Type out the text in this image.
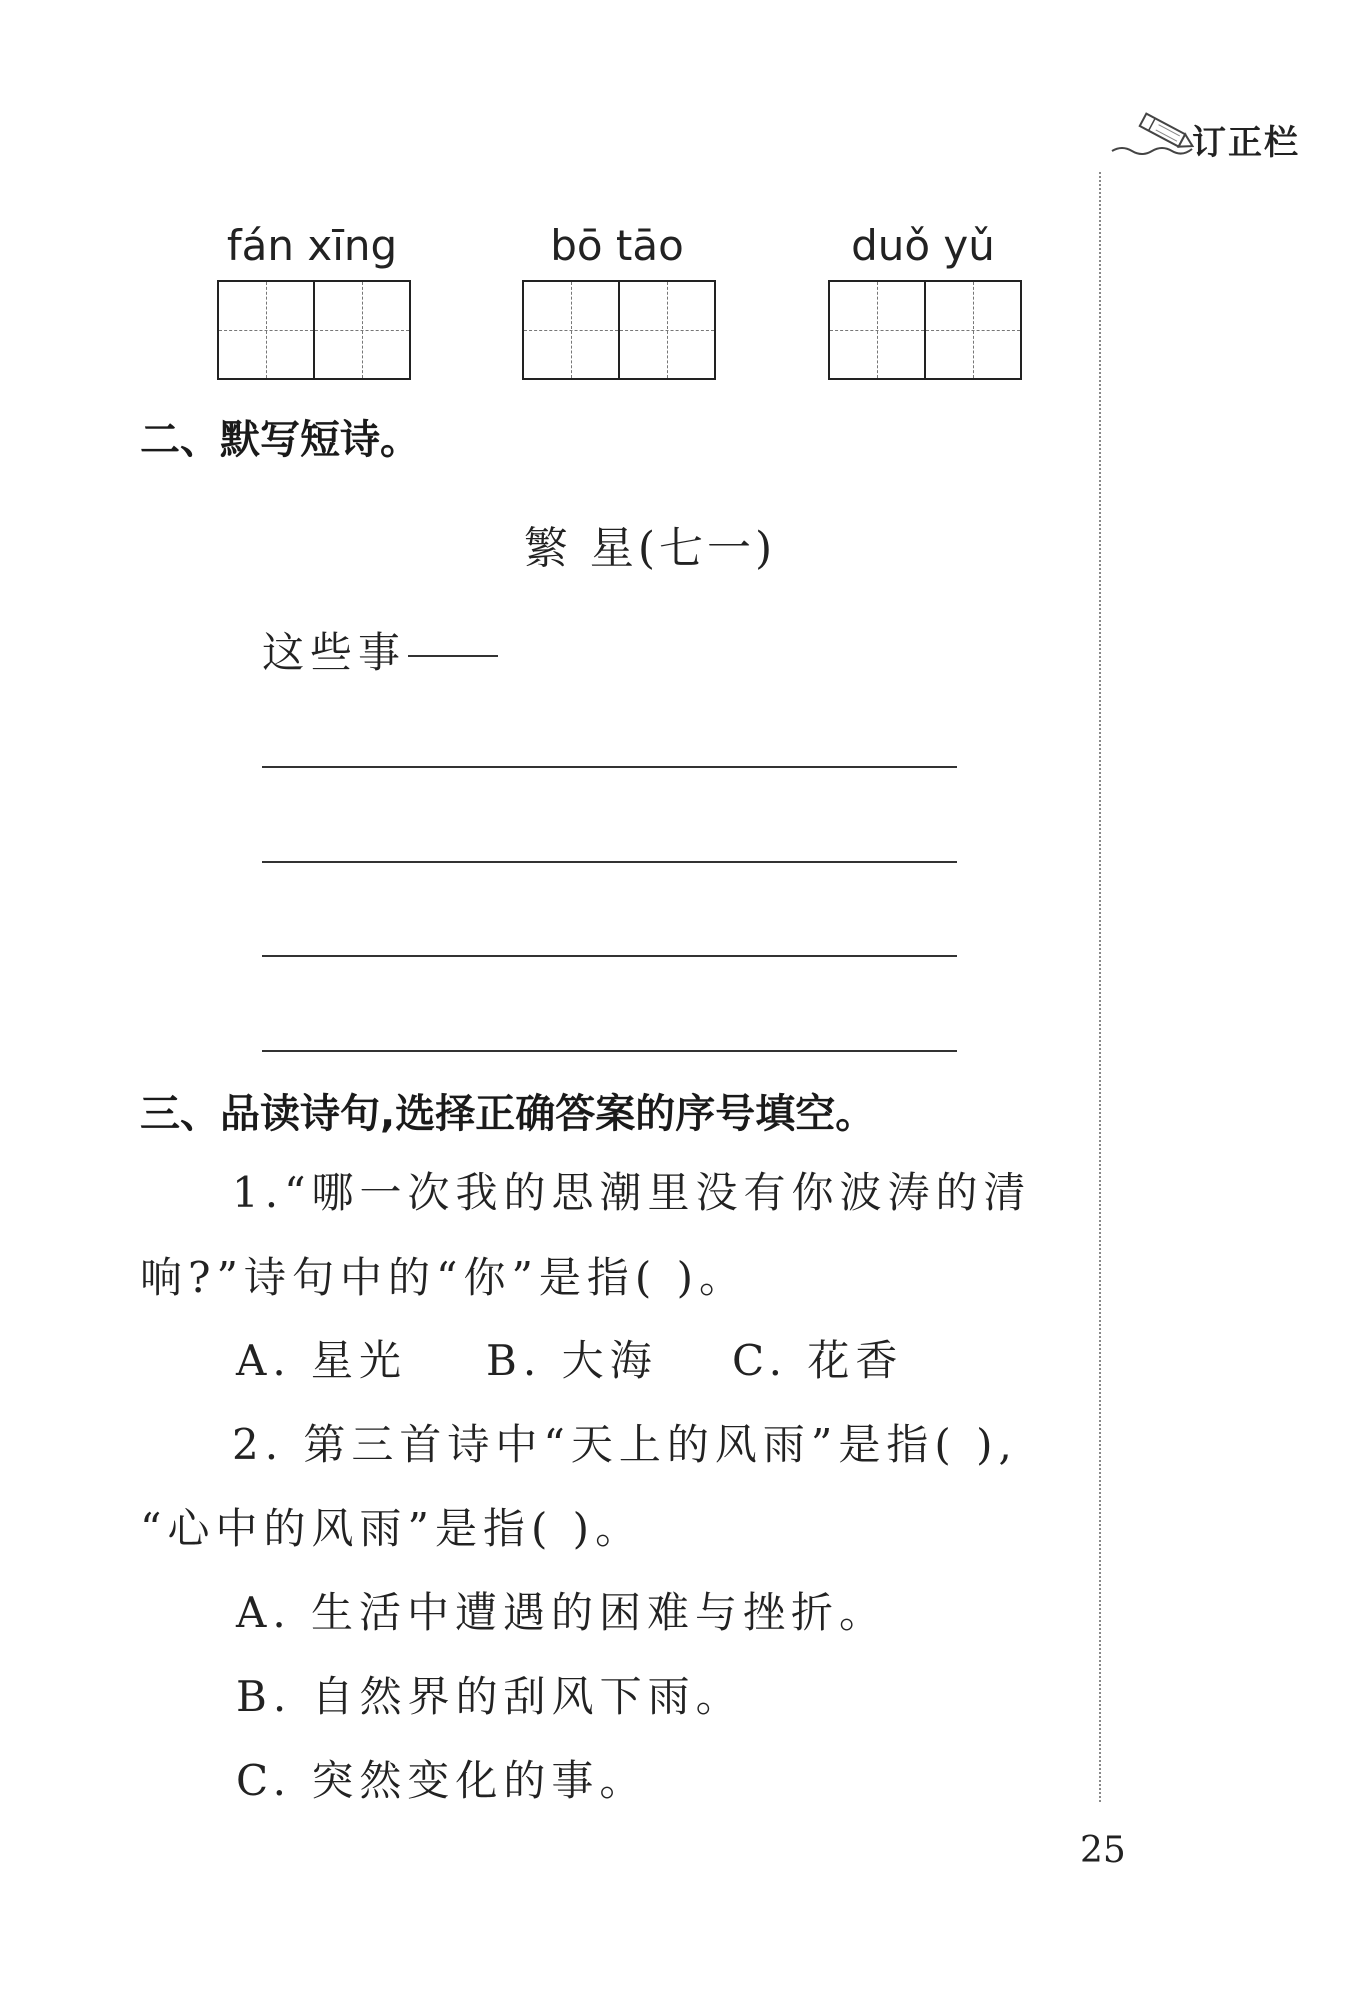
订正栏
fán xīng	bō tāo	duǒ yǔ
二、默写短诗。
繁 星(七一)
这些事
三、品读诗句,选择正确答案的序号填空。
1.“哪一次我的思潮里没有你波涛的清
响?”诗句中的“你”是指( )。
A. 星光 B. 大海 C. 花香
2. 第三首诗中“天上的风雨”是指( ),
“心中的风雨”是指( )。
A. 生活中遭遇的困难与挫折。
B. 自然界的刮风下雨。
C. 突然变化的事。
25
